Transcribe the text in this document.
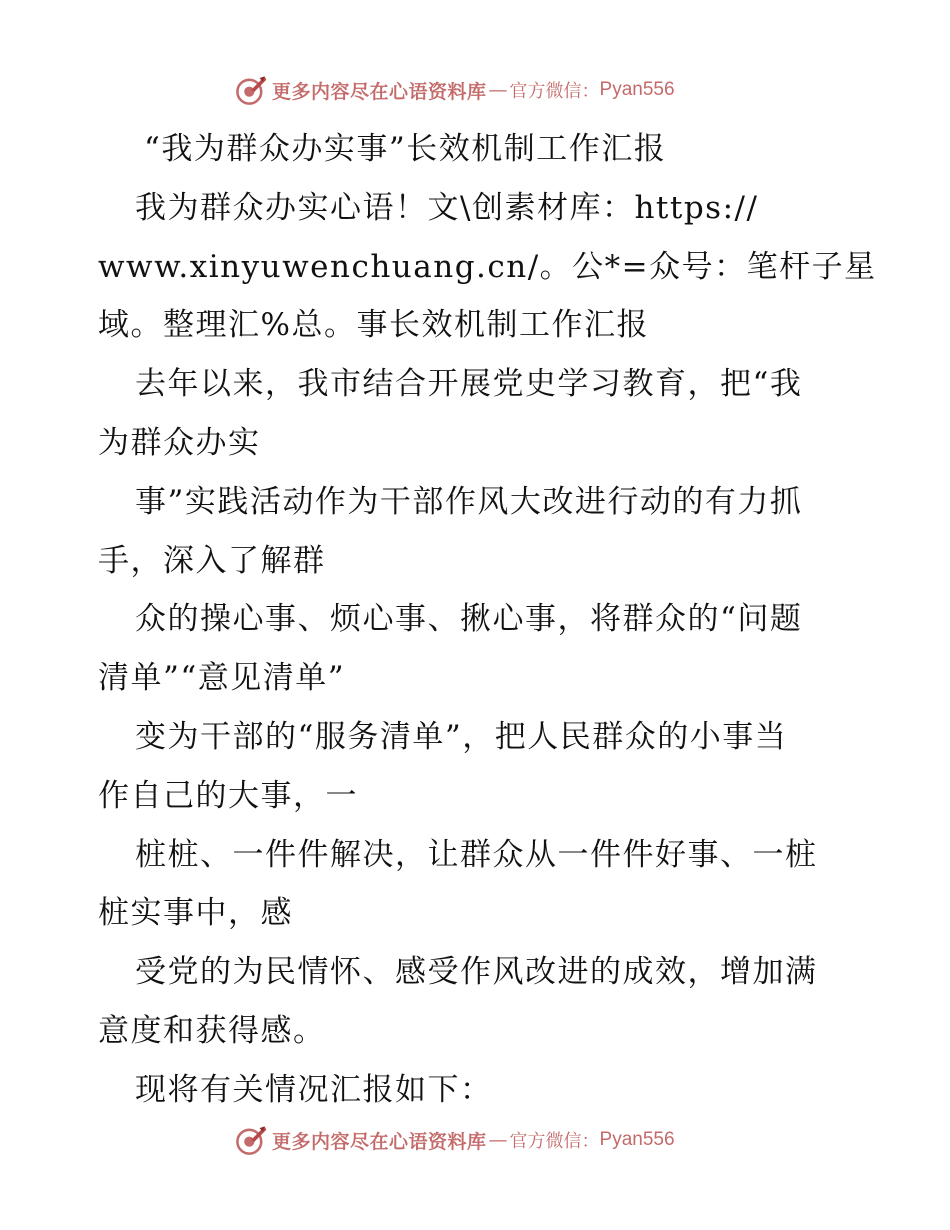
更多内容尽在心语资料库 — 官方微信： Pyan556
“我为群众办实事”长效机制工作汇报
我为群众办实心语！文\创素材库：https://
www.xinyuwenchuang.cn/。公*=众号：笔杆子星
域。整理汇%总。事长效机制工作汇报
去年以来，我市结合开展党史学习教育，把“我
为群众办实
事”实践活动作为干部作风大改进行动的有力抓
手，深入了解群
众的操心事、烦心事、揪心事，将群众的“问题
清单”“意见清单”
变为干部的“服务清单”，把人民群众的小事当
作自己的大事，一
桩桩、一件件解决，让群众从一件件好事、一桩
桩实事中，感
受党的为民情怀、感受作风改进的成效，增加满
意度和获得感。
现将有关情况汇报如下：
更多内容尽在心语资料库 — 官方微信： Pyan556
